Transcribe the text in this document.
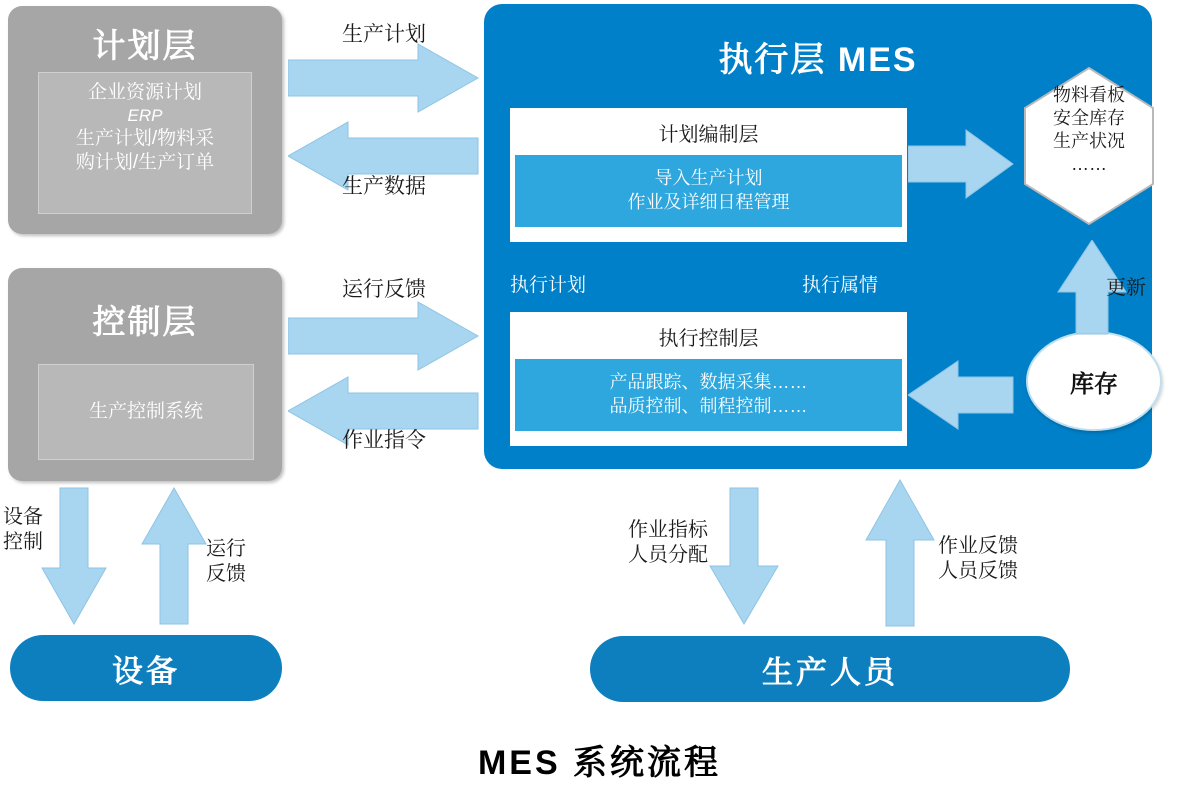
计划层
企业资源计划
ERP
生产计划/物料采
购计划/生产订单
控制层
生产控制系统
生产计划
生产数据
运行反馈
作业指令
执行层 MES
计划编制层
导入生产计划
作业及详细日程管理
执行计划	执行属情
执行控制层
产品跟踪、数据采集……
品质控制、制程控制……
物料看板
安全库存
生产状况
……
库存
更新
设备
控制	运行
反馈
设备
作业指标
人员分配	作业反馈
人员反馈
生产人员
MES 系统流程
